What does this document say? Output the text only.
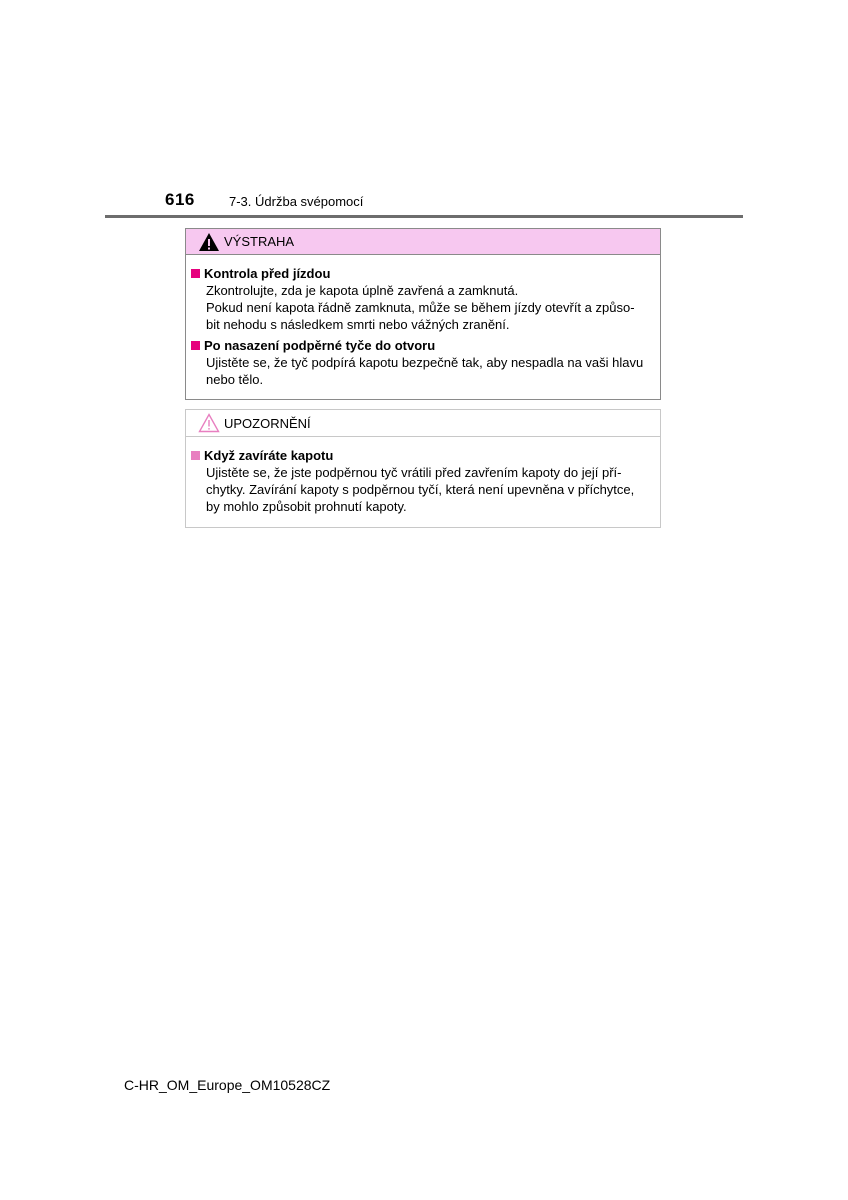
616	7-3. Údržba svépomocí
VÝSTRAHA
Kontrola před jízdou
Zkontrolujte, zda je kapota úplně zavřená a zamknutá.
Pokud není kapota řádně zamknuta, může se během jízdy otevřít a způso-
bit nehodu s následkem smrti nebo vážných zranění.
Po nasazení podpěrné tyče do otvoru
Ujistěte se, že tyč podpírá kapotu bezpečně tak, aby nespadla na vaši hlavu
nebo tělo.
UPOZORNĚNÍ
Když zavíráte kapotu
Ujistěte se, že jste podpěrnou tyč vrátili před zavřením kapoty do její pří-
chytky. Zavírání kapoty s podpěrnou tyčí, která není upevněna v příchytce,
by mohlo způsobit prohnutí kapoty.
C-HR_OM_Europe_OM10528CZ
